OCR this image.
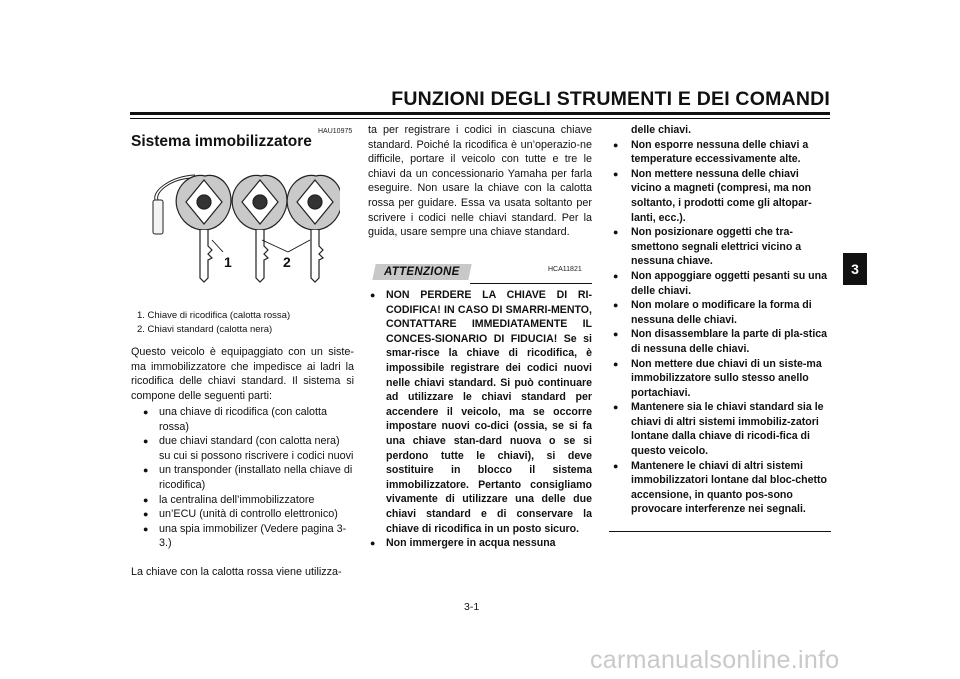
FUNZIONI DEGLI STRUMENTI E DEI COMANDI
3
HAU10975
Sistema immobilizzatore
1	2
1. Chiave di ricodifica (calotta rossa)
2. Chiavi standard (calotta nera)
Questo veicolo è equipaggiato con un siste-ma immobilizzatore che impedisce ai ladri la ricodifica delle chiavi standard. Il sistema si compone delle seguenti parti:
● una chiave di ricodifica (con calotta rossa)
● due chiavi standard (con calotta nera) su cui si possono riscrivere i codici nuovi
● un transponder (installato nella chiave di ricodifica)
● la centralina dell’immobilizzatore
● un’ECU (unità di controllo elettronico)
● una spia immobilizer (Vedere pagina 3-3.)
La chiave con la calotta rossa viene utilizza-
ta per registrare i codici in ciascuna chiave standard. Poiché la ricodifica è un’operazio-ne difficile, portare il veicolo con tutte e tre le chiavi da un concessionario Yamaha per farla eseguire. Non usare la chiave con la calotta rossa per guidare. Essa va usata soltanto per scrivere i codici nelle chiavi standard. Per la guida, usare sempre una chiave standard.
ATTENZIONE	HCA11821
● NON PERDERE LA CHIAVE DI RI-CODIFICA! IN CASO DI SMARRI-MENTO, CONTATTARE IMMEDIATAMENTE IL CONCES-SIONARIO DI FIDUCIA! Se si smar-risce la chiave di ricodifica, è impossibile registrare dei codici nuovi nelle chiavi standard. Si può continuare ad utilizzare le chiavi standard per accendere il veicolo, ma se occorre impostare nuovi co-dici (ossia, se si fa una chiave stan-dard nuova o se si perdono tutte le chiavi), si deve sostituire in blocco il sistema immobilizzatore. Pertanto consigliamo vivamente di utilizzare una delle due chiavi standard e di conservare la chiave di ricodifica in un posto sicuro.
● Non immergere in acqua nessuna
delle chiavi.
● Non esporre nessuna delle chiavi a temperature eccessivamente alte.
● Non mettere nessuna delle chiavi vicino a magneti (compresi, ma non soltanto, i prodotti come gli altopar-lanti, ecc.).
● Non posizionare oggetti che tra-smettono segnali elettrici vicino a nessuna chiave.
● Non appoggiare oggetti pesanti su una delle chiavi.
● Non molare o modificare la forma di nessuna delle chiavi.
● Non disassemblare la parte di pla-stica di nessuna delle chiavi.
● Non mettere due chiavi di un siste-ma immobilizzatore sullo stesso anello portachiavi.
● Mantenere sia le chiavi standard sia le chiavi di altri sistemi immobiliz-zatori lontane dalla chiave di ricodi-fica di questo veicolo.
● Mantenere le chiavi di altri sistemi immobilizzatori lontane dal bloc-chetto accensione, in quanto pos-sono provocare interferenze nei segnali.
3-1
carmanualsonline.info
